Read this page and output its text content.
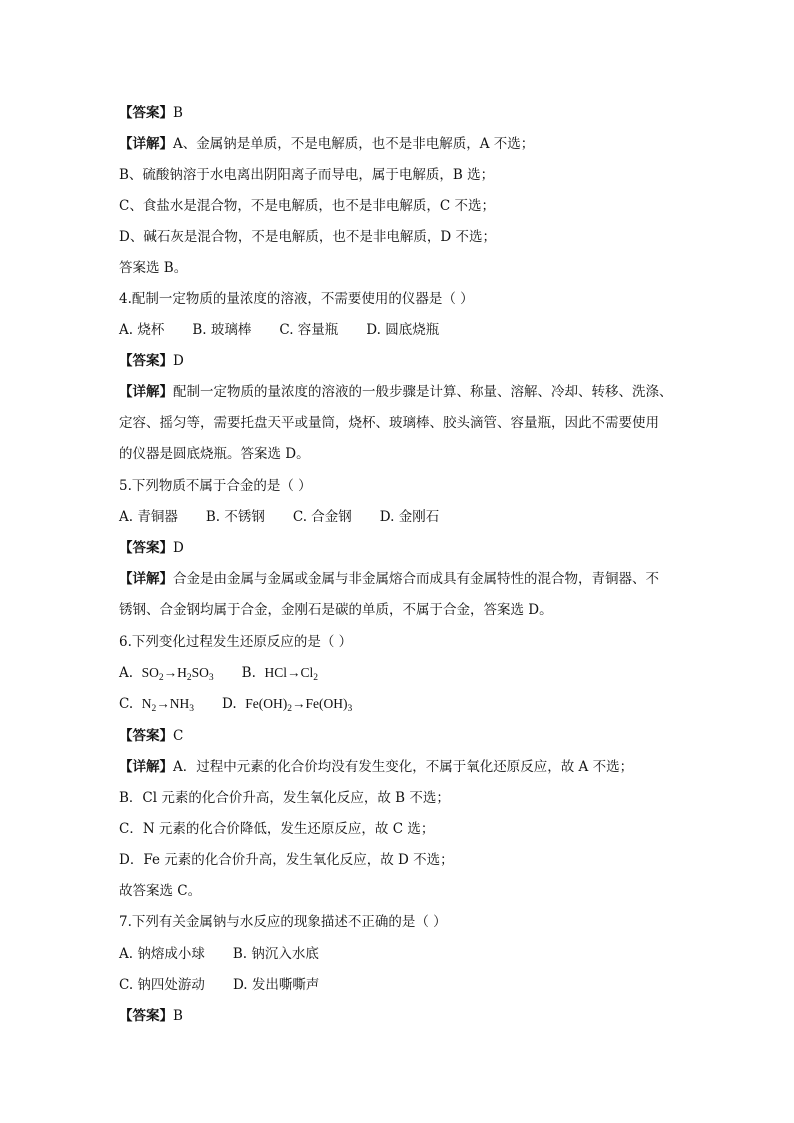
【答案】B
【详解】A、金属钠是单质，不是电解质，也不是非电解质，A 不选；
B、硫酸钠溶于水电离出阴阳离子而导电，属于电解质，B 选；
C、食盐水是混合物，不是电解质，也不是非电解质，C 不选；
D、碱石灰是混合物，不是电解质，也不是非电解质，D 不选；
答案选 B。
4.配制一定物质的量浓度的溶液，不需要使用的仪器是（ ）
A. 烧杯 B. 玻璃棒 C. 容量瓶 D. 圆底烧瓶
【答案】D
【详解】配制一定物质的量浓度的溶液的一般步骤是计算、称量、溶解、冷却、转移、洗涤、
定容、摇匀等，需要托盘天平或量筒，烧杯、玻璃棒、胶头滴管、容量瓶，因此不需要使用
的仪器是圆底烧瓶。答案选 D。
5.下列物质不属于合金的是（ ）
A. 青铜器 B. 不锈钢 C. 合金钢 D. 金刚石
【答案】D
【详解】合金是由金属与金属或金属与非金属熔合而成具有金属特性的混合物，青铜器、不
锈钢、合金钢均属于合金，金刚石是碳的单质，不属于合金，答案选 D。
6.下列变化过程发生还原反应的是（ ）
A. $SO_2\to H_2SO_3$ B. $HCl\to Cl_2$
C. $N_2\to NH_3$ D. $Fe(OH)_2\to Fe(OH)_3$
【答案】C
【详解】A．过程中元素的化合价均没有发生变化，不属于氧化还原反应，故 A 不选；
B．Cl 元素的化合价升高，发生氧化反应，故 B 不选；
C．N 元素的化合价降低，发生还原反应，故 C 选；
D．Fe 元素的化合价升高，发生氧化反应，故 D 不选；
故答案选 C。
7.下列有关金属钠与水反应的现象描述不正确的是（ ）
A. 钠熔成小球 B. 钠沉入水底
C. 钠四处游动 D. 发出嘶嘶声
【答案】B
